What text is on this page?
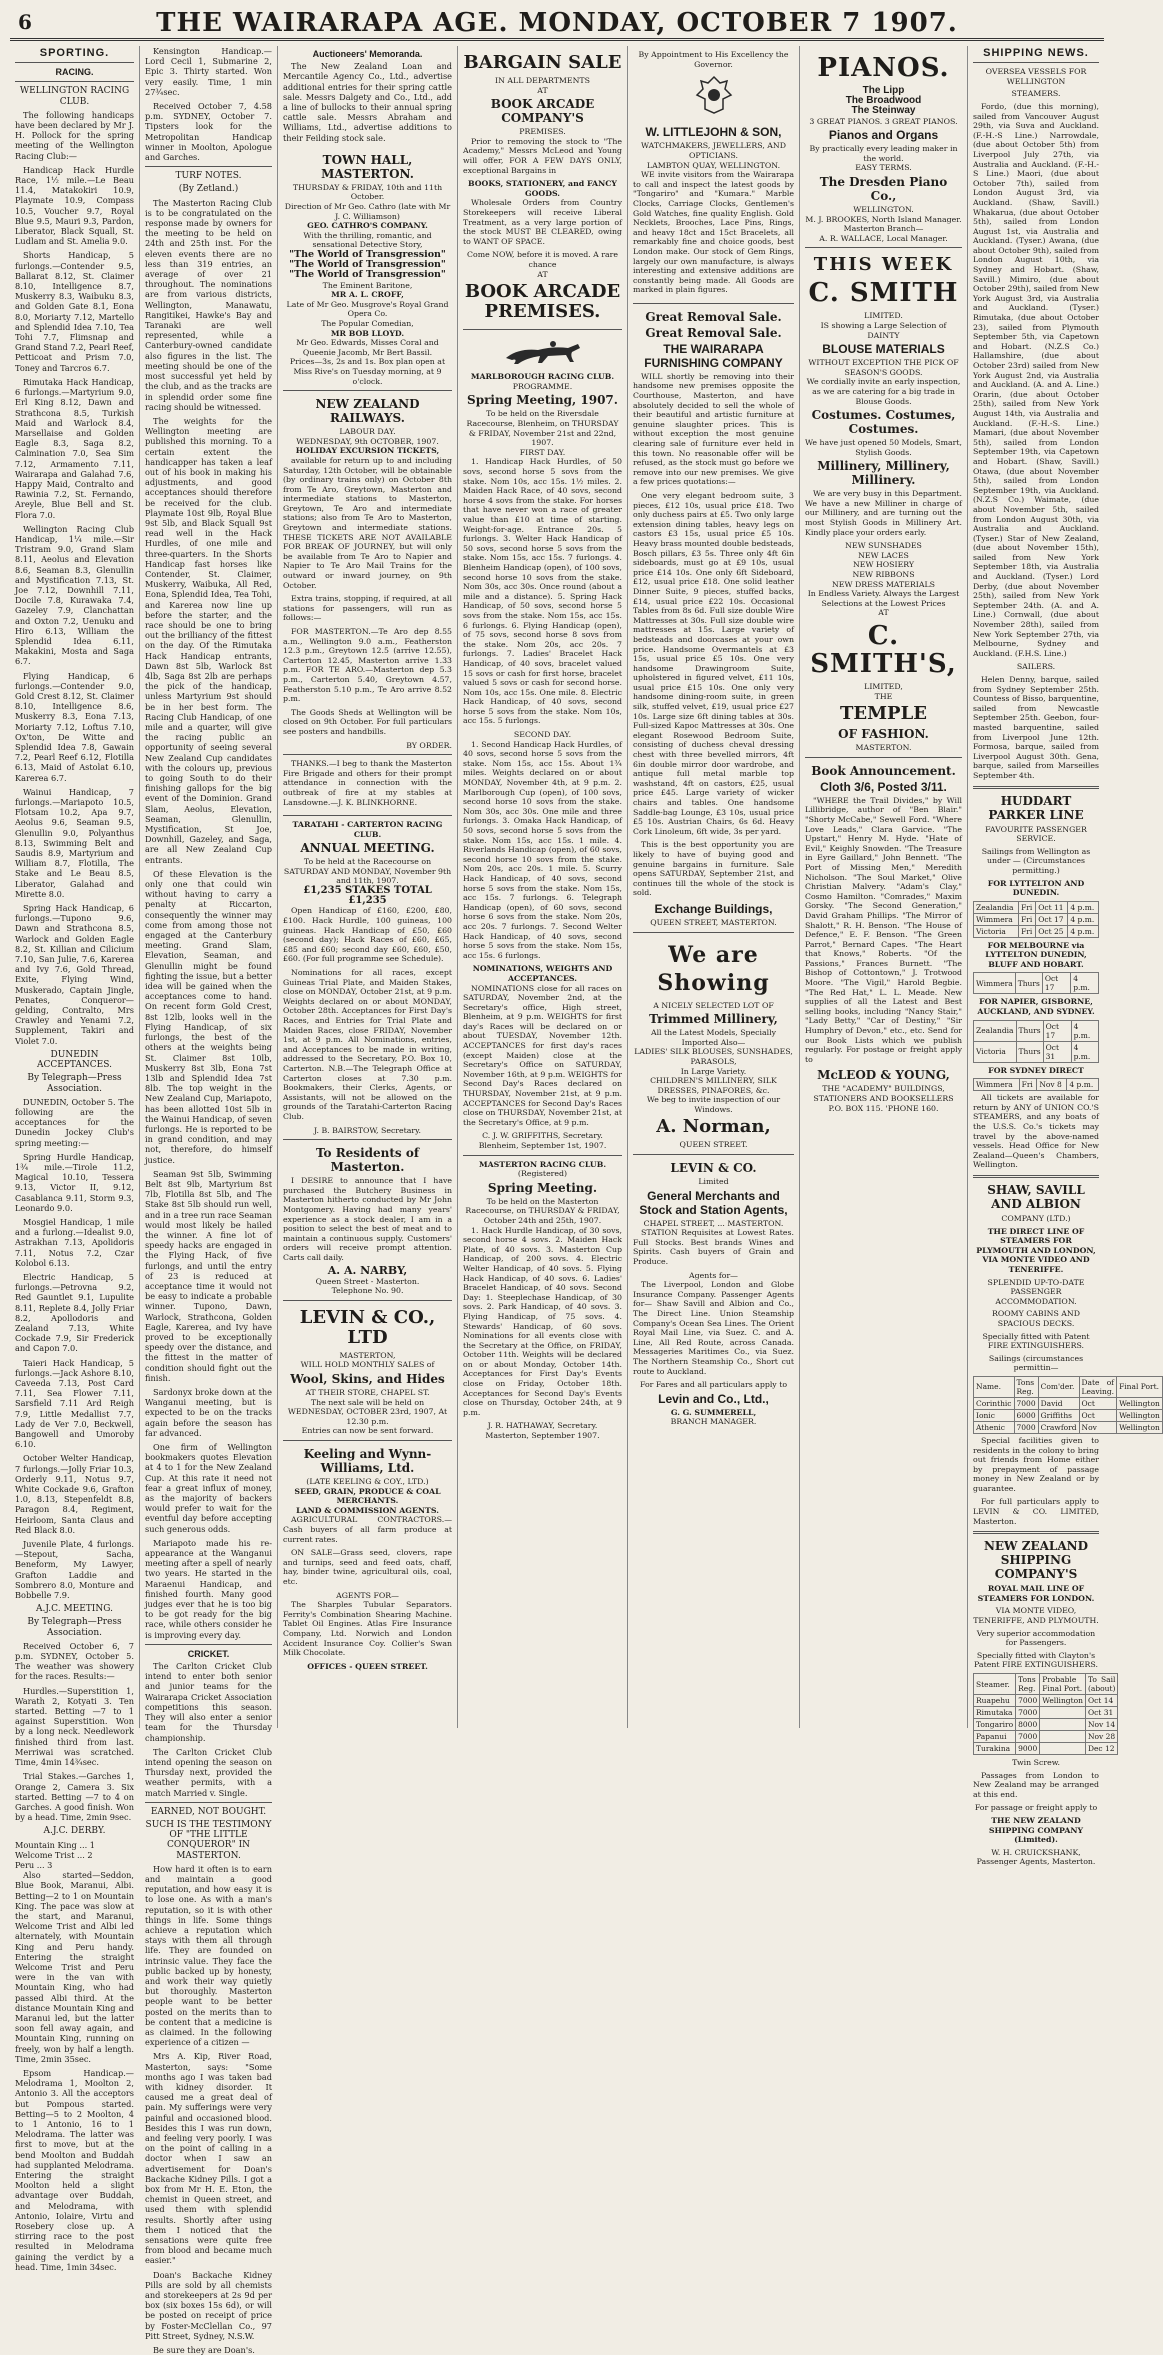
6	THE WAIRARAPA AGE. MONDAY, OCTOBER 7 1907.
SPORTING.
RACING.
WELLINGTON RACING CLUB.

The following handicaps have been declared by Mr J. H. Pollock for the spring meeting of the Wellington Racing Club:—

Handicap Hack Hurdle Race, 1½ mile.—Le Beau 11.4, Matakokiri 10.9, Playmate 10.9, Compass 10.5, Voucher 9.7, Royal Blue 9.5, Mauri 9.3, Pardon, Liberator, Black Squall, St. Ludlam and St. Amelia 9.0.

Shorts Handicap, 5 furlongs.—Contender 9.5, Ballarat 8.12, St. Claimer 8.10, Intelligence 8.7, Muskerry 8.3, Waibuku 8.3, and Golden Gate 8.1, Eona 8.0, Moriarty 7.12, Martello and Splendid Idea 7.10, Tea Tohi 7.7, Flimsnap and Grand Stand 7.2, Pearl Reef, Petticoat and Prism 7.0, Toney and Tarcros 6.7.

Rimutaka Hack Handicap, 6 furlongs.—Martyrium 9.0, Erl King 8.12, Dawn and Strathcona 8.5, Turkish Maid and Warlock 8.4, Marsellaise and Golden Eagle 8.3, Saga 8.2, Calmination 7.0, Sea Sim 7.12, Armamento 7.11, Wairarapa and Galahad 7.6, Happy Maid, Contralto and Rawinia 7.2, St. Fernando, Areyle, Blue Bell and St. Flora 7.0.

Wellington Racing Club Handicap, 1¼ mile.—Sir Tristram 9.0, Grand Slam 8.11, Aeolus and Elevation 8.6, Seaman 8.3, Glenullin and Mystification 7.13, St. Joe 7.12, Downhill 7.11, Docile 7.8, Kurawaka 7.4, Gazeley 7.9, Clanchattan and Oxton 7.2, Uenuku and Hiro 6.13, William the Splendid Idea 6.11, Makakini, Mosta and Saga 6.7.

Flying Handicap, 6 furlongs.—Contender 9.0, Gold Crest 8.12, St. Claimer 8.10, Intelligence 8.6, Muskerry 8.3, Eona 7.13, Moriarty 7.12, Loftus 7.10, Ox'ton, De Witte and Splendid Idea 7.8, Gawain 7.2, Pearl Reef 6.12, Flotilla 6.13, Maid of Astolat 6.10, Karerea 6.7.

Wainui Handicap, 7 furlongs.—Mariapoto 10.5, Flotsam 10.2, Apa 9.7, Aeolus 9.6, Seaman 9.5, Glenullin 9.0, Polyanthus 8.13, Swimming Belt and Saudis 8.9, Martyrium and William 8.7, Flotilla, The Stake and Le Beau 8.5, Liberator, Galahad and Mirette 8.0.

Spring Hack Handicap, 6 furlongs.—Tupono 9.6, Dawn and Strathcona 8.5, Warlock and Golden Eagle 8.2, St. Killian and Cilicium 7.10, San Julie, 7.6, Karerea and Ivy 7.6, Gold Thread, Exite, Flying Wind, Muskerado, Captain Jingle, Penates, Conqueror—gelding, Contralto, Mrs Crawley and Yenami 7.2, Supplement, Takiri and Violet 7.0.

DUNEDIN ACCEPTANCES.
By Telegraph—Press Association.

DUNEDIN, October 5. The following are the acceptances for the Dunedin Jockey Club's spring meeting:—

Spring Hurdle Handicap, 1¾ mile.—Tirole 11.2, Magical 10.10, Tessera 9.13, Victor II, 9.12, Casablanca 9.11, Storm 9.3, Leonardo 9.0.

Mosgiel Handicap, 1 mile and a furlong.—Idealist 9.0, Astrakhan 7.13, Apolidoris 7.11, Notus 7.2, Czar Kolobol 6.13.

Electric Handicap, 5 furlongs.—Petrovna 9.2, Red Gauntlet 9.1, Lupulite 8.11, Replete 8.4, Jolly Friar 8.2, Apollodoris and Zealand 7.13, White Cockade 7.9, Sir Frederick and Capon 7.0.

Taieri Hack Handicap, 5 furlongs.—Jack Ashore 8.10, Caveeda 7.13, Post Card 7.11, Sea Flower 7.11, Sarsfield 7.11 Ard Reigh 7.9, Little Medallist 7.7, Lady de Ver 7.0, Beckwell, Bangowell and Umoroby 6.10.

October Welter Handicap, 7 furlongs.—Jolly Friar 10.3, Orderly 9.11, Notus 9.7, White Cockade 9.6, Grafton 1.0, 8.13, Stepenfeldt 8.8, Paragon 8.4, Regiment, Heirloom, Santa Claus and Red Black 8.0.

Juvenile Plate, 4 furlongs.—Stepout, Sacha, Beneform, My Lawyer, Grafton Laddie and Sombrero 8.0, Monture and Bobbelle 7.9.

A.J.C. MEETING.
By Telegraph—Press Association.

Received October 6, 7 p.m. SYDNEY, October 5. The weather was showery for the races. Results:—

Hurdles.—Superstition 1, Warath 2, Kotyati 3. Ten started. Betting —7 to 1 against Superstition. Won by a long neck. Needlework finished third from last. Merriwai was scratched. Time, 4min 14¾sec.

Trial Stakes.—Garches 1, Orange 2, Camera 3. Six started. Betting —7 to 4 on Garches. A good finish. Won by a head. Time, 2min 9sec.

A.J.C. DERBY.
Mountain King ... 1
Welcome Trist ... 2
Peru ... 3

Also started—Seddon, Blue Book, Maranui, Albi. Betting—2 to 1 on Mountain King. The pace was slow at the start, and Maranui, Welcome Trist and Albi led alternately, with Mountain King and Peru handy. Entering the straight Welcome Trist and Peru were in the van with Mountain King, who had passed Albi third. At the distance Mountain King and Maranui led, but the latter soon fell away again, and Mountain King, running on freely, won by half a length. Time, 2min 35sec.

Epsom Handicap.—Melodrama 1, Moolton 2, Antonio 3. All the acceptors but Pompous started. Betting—5 to 2 Moolton, 4 to 1 Antonio, 16 to 1 Melodrama. The latter was first to move, but at the bend Moolton and Buddah had supplanted Melodrama. Entering the straight Moolton held a slight advantage over Buddah, and Melodrama, with Antonio, Iolaire, Virtu and Rosebery close up. A stirring race to the post resulted in Melodrama gaining the verdict by a head. Time, 1min 34sec.

Kensington Handicap.—Lord Cecil 1, Submarine 2, Epic 3. Thirty started. Won very easily. Time, 1 min 27¾sec.

Received October 7, 4.58 p.m. SYDNEY, October 7. Tipsters look for the Metropolitan Handicap winner in Moolton, Apologue and Garches.

TURF NOTES.
(By Zetland.)

The Masterton Racing Club is to be congratulated on the response made by owners for the meeting to be held on 24th and 25th inst. For the eleven events there are no less than 319 entries, an average of over 21 throughout. The nominations are from various districts, Wellington, Manawatu, Rangitikei, Hawke's Bay and Taranaki are well represented, while a Canterbury-owned candidate also figures in the list. The meeting should be one of the most successful yet held by the club, and as the tracks are in splendid order some fine racing should be witnessed.

The weights for the Wellington meeting are published this morning. To a certain extent the handicapper has taken a leaf out of his book in making his adjustments, and good acceptances should therefore be received for the club. Playmate 10st 9lb, Royal Blue 9st 5lb, and Black Squall 9st read well in the Hack Hurdles, of one mile and three-quarters. In the Shorts Handicap fast horses like Contender, St. Claimer, Muskerry, Waibuka, All Red, Eona, Splendid Idea, Tea Tohi, and Karerea now line up before the starter, and the race should be one to bring out the brilliancy of the fittest on the day. Of the Rimutaka Hack Handicap entrants, Dawn 8st 5lb, Warlock 8st 4lb, Saga 8st 2lb are perhaps the pick of the handicap, unless Martyrium 9st should be in her best form. The Racing Club Handicap, of one mile and a quarter, will give the racing public an opportunity of seeing several New Zealand Cup candidates with the colours up, previous to going South to do their finishing gallops for the big event of the Dominion. Grand Slam, Aeolus, Elevation, Seaman, Glenullin, Mystification, St Joe, Downhill, Gazeley, and Saga, are all New Zealand Cup entrants.

Of these Elevation is the only one that could win without having to carry a penalty at Riccarton, consequently the winner may come from among those not engaged at the Canterbury meeting. Grand Slam, Elevation, Seaman, and Glenullin might be found fighting the issue, but a better idea will be gained when the acceptances come to hand. On recent form Gold Crest, 8st 12lb, looks well in the Flying Handicap, of six furlongs, the best of the others at the weights being St. Claimer 8st 10lb, Muskerry 8st 3lb, Eona 7st 13lb and Splendid Idea 7st 8lb. The top weight in the New Zealand Cup, Mariapoto, has been allotted 10st 5lb in the Wainui Handicap, of seven furlongs. He is reported to be in grand condition, and may not, therefore, do himself justice.

Seaman 9st 5lb, Swimming Belt 8st 9lb, Martyrium 8st 7lb, Flotilla 8st 5lb, and The Stake 8st 5lb should run well, and in a tree run race Seaman would most likely be hailed the winner. A fine lot of speedy hacks are engaged in the Flying Hack, of five furlongs, and until the entry of 23 is reduced at acceptance time it would not be easy to indicate a probable winner. Tupono, Dawn, Warlock, Strathcona, Golden Eagle, Karerea, and Ivy have proved to be exceptionally speedy over the distance, and the fittest in the matter of condition should fight out the finish.

Sardonyx broke down at the Wanganui meeting, but is expected to be on the tracks again before the season has far advanced.

One firm of Wellington bookmakers quotes Elevation at 4 to 1 for the New Zealand Cup. At this rate it need not fear a great influx of money, as the majority of backers would prefer to wait for the eventful day before accepting such generous odds.

Mariapoto made his re-appearance at the Wanganui meeting after a spell of nearly two years. He started in the Maraenui Handicap, and finished fourth. Many good judges ever that he is too big to be got ready for the big race, while others consider he is improving every day.

CRICKET.

The Carlton Cricket Club intend to enter both senior and junior teams for the Wairarapa Cricket Association competitions this season. They will also enter a senior team for the Thursday championship.

The Carlton Cricket Club intend opening the season on Thursday next, provided the weather permits, with a match Married v. Single.

EARNED, NOT BOUGHT.
SUCH IS THE TESTIMONY OF "THE LITTLE CONQUEROR" IN MASTERTON.

How hard it often is to earn and maintain a good reputation, and how easy it is to lose one. As with a man's reputation, so it is with other things in life. Some things achieve a reputation which stays with them all through life. They are founded on intrinsic value. They face the public backed up by honesty, and work their way quietly but thoroughly. Masterton people want to be better posted on the merits than to be content that a medicine is as claimed. In the following experience of a citizen —

Mrs A. Kip, River Road, Masterton, says: "Some months ago I was taken bad with kidney disorder. It caused me a great deal of pain. My sufferings were very painful and occasioned blood. Besides this I was run down, and feeling very poorly. I was on the point of calling in a doctor when I saw an advertisement for Doan's Backache Kidney Pills. I got a box from Mr H. E. Eton, the chemist in Queen street, and used them with splendid results. Shortly after using them I noticed that the sensations were quite free from blood and became much easier."

Doan's Backache Kidney Pills are sold by all chemists and storekeepers at 2s 9d per box (six boxes 15s 6d), or will be posted on receipt of price by Foster-McClellan Co., 97 Pitt Street, Sydney, N.S.W.

Be sure they are Doan's.

Auctioneers' Memoranda.

The New Zealand Loan and Mercantile Agency Co., Ltd., advertise additional entries for their spring cattle sale. Messrs Dalgety and Co., Ltd., add a line of bullocks to their annual spring cattle sale. Messrs Abraham and Williams, Ltd., advertise additions to their Feilding stock sale.

TOWN HALL, MASTERTON.
THURSDAY & FRIDAY, 10th and 11th October.
Direction of Mr Geo. Cathro (late with Mr J. C. Williamson)
GEO. CATHRO'S COMPANY.
With the thrilling, romantic, and sensational Detective Story,
"The World of Transgression"
"The World of Transgression"
"The World of Transgression"
The Eminent Baritone,
MR A. L. CROFF,
Late of Mr Geo. Musgrove's Royal Grand Opera Co.
The Popular Comedian,
MR BOB LLOYD.
Mr Geo. Edwards, Misses Coral and Queenie Jacomb, Mr Bert Bassil.
Prices—3s, 2s and 1s. Box plan open at Miss Rive's on Tuesday morning, at 9 o'clock.
NEW ZEALAND RAILWAYS.
LABOUR DAY.
WEDNESDAY, 9th OCTOBER, 1907.
HOLIDAY EXCURSION TICKETS,

available for return up to and including Saturday, 12th October, will be obtainable (by ordinary trains only) on October 8th from Te Aro, Greytown, Masterton and intermediate stations to Masterton, Greytown, Te Aro and intermediate stations; also from Te Aro to Masterton, Greytown and intermediate stations. THESE TICKETS ARE NOT AVAILABLE FOR BREAK OF JOURNEY, but will only be available from Te Aro to Napier and Napier to Te Aro Mail Trains for the outward or inward journey, on 9th October.

Extra trains, stopping, if required, at all stations for passengers, will run as follows:—

FOR MASTERTON.—Te Aro dep 8.55 a.m., Wellington 9.0 a.m., Featherston 12.3 p.m., Greytown 12.5 (arrive 12.55), Carterton 12.45, Masterton arrive 1.33 p.m. FOR TE ARO.—Masterton dep 5.3 p.m., Carterton 5.40, Greytown 4.57, Featherston 5.10 p.m., Te Aro arrive 8.52 p.m.

The Goods Sheds at Wellington will be closed on 9th October. For full particulars see posters and handbills.

BY ORDER.

THANKS.—I beg to thank the Masterton Fire Brigade and others for their prompt attendance in connection with the outbreak of fire at my stables at Lansdowne.—J. K. BLINKHORNE.

TARATAHI - CARTERTON RACING CLUB.
ANNUAL MEETING.
To be held at the Racecourse on SATURDAY AND MONDAY, November 9th and 11th, 1907.
£1,235 STAKES TOTAL £1,235

Open Handicap of £160, £200, £80, £100. Hack Hurdle, 100 guineas, 100 guineas. Hack Handicap of £50, £60 (second day); Hack Races of £60, £65, £85 and £60; second day £60, £60, £50, £60. (For full programme see Schedule).

Nominations for all races, except Guineas Trial Plate, and Maiden Stakes, close on MONDAY, October 21st, at 9 p.m. Weights declared on or about MONDAY, October 28th. Acceptances for First Day's Races, and Entries for Trial Plate and Maiden Races, close FRIDAY, November 1st, at 9 p.m. All Nominations, entries, and Acceptances to be made in writing, addressed to the Secretary, P.O. Box 10, Carterton. N.B.—The Telegraph Office at Carterton closes at 7.30 p.m. Bookmakers, their Clerks, Agents, or Assistants, will not be allowed on the grounds of the Taratahi-Carterton Racing Club.

J. B. BAIRSTOW, Secretary.
To Residents of Masterton.

I DESIRE to announce that I have purchased the Butchery Business in Masterton hitherto conducted by Mr John Montgomery. Having had many years' experience as a stock dealer, I am in a position to select the best of meat and to maintain a continuous supply. Customers' orders will receive prompt attention. Carts call daily.

A. A. NARBY,
Queen Street - Masterton.
Telephone No. 90.
LEVIN & CO., LTD
MASTERTON,
WILL HOLD MONTHLY SALES of
Wool, Skins, and Hides
AT THEIR STORE, CHAPEL ST.
The next sale will be held on WEDNESDAY, OCTOBER 23rd, 1907, At 12.30 p.m.
Entries can now be sent forward.
Keeling and Wynn-Williams, Ltd.
(LATE KEELING & COY., LTD.)
SEED, GRAIN, PRODUCE & COAL MERCHANTS.
LAND & COMMISSION AGENTS.

AGRICULTURAL CONTRACTORS.—Cash buyers of all farm produce at current rates.

ON SALE—Grass seed, clovers, rape and turnips, seed and feed oats, chaff, hay, binder twine, agricultural oils, coal, etc.

AGENTS FOR—

The Sharples Tubular Separators. Ferrity's Combination Shearing Machine. Tablet Oil Engines. Atlas Fire Insurance Company, Ltd. Norwich and London Accident Insurance Coy. Collier's Swan Milk Chocolate.

OFFICES - QUEEN STREET.
BARGAIN SALE
IN ALL DEPARTMENTS
AT
BOOK ARCADE COMPANY'S
PREMISES.

Prior to removing the stock to "The Academy," Messrs McLeod and Young will offer, FOR A FEW DAYS ONLY, exceptional Bargains in

BOOKS, STATIONERY, and FANCY GOODS.

Wholesale Orders from Country Storekeepers will receive Liberal Treatment, as a very large portion of the stock MUST BE CLEARED, owing to WANT OF SPACE.

Come NOW, before it is moved. A rare chance
AT
BOOK ARCADE PREMISES.
MARLBOROUGH RACING CLUB.
PROGRAMME.
Spring Meeting, 1907.
To be held on the Riversdale Racecourse, Blenheim, on THURSDAY & FRIDAY, November 21st and 22nd, 1907.
FIRST DAY.

1. Handicap Hack Hurdles, of 50 sovs, second horse 5 sovs from the stake. Nom 10s, acc 15s. 1½ miles. 2. Maiden Hack Race, of 40 sovs, second horse 4 sovs from the stake. For horses that have never won a race of greater value than £10 at time of starting. Weight-for-age. Entrance 20s. 5 furlongs. 3. Welter Hack Handicap of 50 sovs, second horse 5 sovs from the stake. Nom 15s, acc 15s. 7 furlongs. 4. Blenheim Handicap (open), of 100 sovs, second horse 10 sovs from the stake. Nom 30s, acc 30s. Once round (about a mile and a distance). 5. Spring Hack Handicap, of 50 sovs, second horse 5 sovs from the stake. Nom 15s, acc 15s. 6 furlongs. 6. Flying Handicap (open), of 75 sovs, second horse 8 sovs from the stake. Nom 20s, acc 20s. 7 furlongs. 7. Ladies' Bracelet Hack Handicap, of 40 sovs, bracelet valued 15 sovs or cash for first horse, bracelet valued 5 sovs or cash for second horse. Nom 10s, acc 15s. One mile. 8. Electric Hack Handicap, of 40 sovs, second horse 5 sovs from the stake. Nom 10s, acc 15s. 5 furlongs.

SECOND DAY.

1. Second Handicap Hack Hurdles, of 40 sovs, second horse 5 sovs from the stake. Nom 15s, acc 15s. About 1¾ miles. Weights declared on or about MONDAY, November 4th, at 9 p.m. 2. Marlborough Cup (open), of 100 sovs, second horse 10 sovs from the stake. Nom 30s, acc 30s. One mile and three furlongs. 3. Omaka Hack Handicap, of 50 sovs, second horse 5 sovs from the stake. Nom 15s, acc 15s. 1 mile. 4. Riverlands Handicap (open), of 60 sovs, second horse 10 sovs from the stake. Nom 20s, acc 20s. 1 mile. 5. Scurry Hack Handicap, of 40 sovs, second horse 5 sovs from the stake. Nom 15s, acc 15s. 7 furlongs. 6. Telegraph Handicap (open), of 60 sovs, second horse 6 sovs from the stake. Nom 20s, acc 20s. 7 furlongs. 7. Second Welter Hack Handicap, of 40 sovs, second horse 5 sovs from the stake. Nom 15s, acc 15s. 6 furlongs.

NOMINATIONS, WEIGHTS AND ACCEPTANCES.

NOMINATIONS close for all races on SATURDAY, November 2nd, at the Secretary's office, High street, Blenheim, at 9 p.m. WEIGHTS for first day's Races will be declared on or about TUESDAY, November 12th. ACCEPTANCES for first day's races (except Maiden) close at the Secretary's Office on SATURDAY, November 16th, at 9 p.m. WEIGHTS for Second Day's Races declared on THURSDAY, November 21st, at 9 p.m. ACCEPTANCES for Second Day's Races close on THURSDAY, November 21st, at the Secretary's Office, at 9 p.m.

C. J. W. GRIFFITHS, Secretary.
Blenheim, September 1st, 1907.
MASTERTON RACING CLUB.
(Registered)
Spring Meeting.
To be held on the Masterton Racecourse, on THURSDAY & FRIDAY, October 24th and 25th, 1907.

1. Hack Hurdle Handicap, of 30 sovs, second horse 4 sovs. 2. Maiden Hack Plate, of 40 sovs. 3. Masterton Cup Handicap, of 200 sovs. 4. Electric Welter Handicap, of 40 sovs. 5. Flying Hack Handicap, of 40 sovs. 6. Ladies' Bracelet Handicap, of 40 sovs. Second Day: 1. Steeplechase Handicap, of 30 sovs. 2. Park Handicap, of 40 sovs. 3. Flying Handicap, of 75 sovs. 4. Stewards' Handicap, of 60 sovs. Nominations for all events close with the Secretary at the Office, on FRIDAY, October 11th. Weights will be declared on or about Monday, October 14th. Acceptances for First Day's Events close on Friday, October 18th. Acceptances for Second Day's Events close on Thursday, October 24th, at 9 p.m.

J. R. HATHAWAY, Secretary.
Masterton, September 1907.
By Appointment to His Excellency the Governor.
W. LITTLEJOHN & SON,
WATCHMAKERS, JEWELLERS, AND OPTICIANS.
LAMBTON QUAY, WELLINGTON.

WE invite visitors from the Wairarapa to call and inspect the latest goods by "Tongariro" and "Kumara." Marble Clocks, Carriage Clocks, Gentlemen's Gold Watches, fine quality English. Gold Necklets, Brooches, Lace Pins, Rings, and heavy 18ct and 15ct Bracelets, all remarkably fine and choice goods, best London make. Our stock of Gem Rings, largely our own manufacture, is always interesting and extensive additions are constantly being made. All Goods are marked in plain figures.

Great Removal Sale.
Great Removal Sale.
THE WAIRARAPA FURNISHING COMPANY

WILL shortly be removing into their handsome new premises opposite the Courthouse, Masterton, and have absolutely decided to sell the whole of their beautiful and artistic furniture at genuine slaughter prices. This is without exception the most genuine clearing sale of furniture ever held in this town. No reasonable offer will be refused, as the stock must go before we remove into our new premises. We give a few prices quotations:—

One very elegant bedroom suite, 3 pieces, £12 10s, usual price £18. Two only duchess pairs at £5. Two only large extension dining tables, heavy legs on castors £3 15s, usual price £5 10s. Heavy brass mounted double bedsteads, Bosch pillars, £3 5s. Three only 4ft 6in sideboards, must go at £9 10s, usual price £14 10s. One only 6ft Sideboard, £12, usual price £18. One solid leather Dinner Suite, 9 pieces, stuffed backs, £14, usual price £22 10s. Occasional Tables from 8s 6d. Full size double Wire Mattresses at 30s. Full size double wire mattresses at 15s. Large variety of bedsteads and doorcases at your own price. Handsome Overmantels at £3 15s, usual price £5 10s. One very handsome Drawingroom Suite, upholstered in figured velvet, £11 10s, usual price £15 10s. One only very handsome dining-room suite, in green silk, stuffed velvet, £19, usual price £27 10s. Large size 6ft dining tables at 30s. Full-sized Kapoc Mattresses at 30s. One elegant Rosewood Bedroom Suite, consisting of duchess cheval dressing chest with three bevelled mirrors, 4ft 6in double mirror door wardrobe, and antique full metal marble top washstand, 4ft on castors, £25, usual price £45. Large variety of wicker chairs and tables. One handsome Saddle-bag Lounge, £3 10s, usual price £5 10s. Austrian Chairs, 6s 6d. Heavy Cork Linoleum, 6ft wide, 3s per yard.

This is the best opportunity you are likely to have of buying good and genuine bargains in furniture. Sale opens SATURDAY, September 21st, and continues till the whole of the stock is sold.

Exchange Buildings,
QUEEN STREET, MASTERTON.
We are Showing
A NICELY SELECTED LOT OF
Trimmed Millinery,
All the Latest Models, Specially Imported Also—
LADIES' SILK BLOUSES, SUNSHADES, PARASOLS,
In Large Variety.
CHILDREN'S MILLINERY, SILK DRESSES, PINAFORES, &c.
We beg to invite inspection of our Windows.
A. Norman,
QUEEN STREET.
LEVIN & CO.
Limited
General Merchants and Stock and Station Agents,
CHAPEL STREET, ... MASTERTON.

STATION Requisites at Lowest Rates. Full Stocks. Best brands Wines and Spirits. Cash buyers of Grain and Produce.

Agents for—

The Liverpool, London and Globe Insurance Company. Passenger Agents for— Shaw Savill and Albion and Co., The Direct Line. Union Steamship Company's Ocean Sea Lines. The Orient Royal Mail Line, via Suez. C. and A. Line, All Red Route, across Canada. Messageries Maritimes Co., via Suez. The Northern Steamship Co., Short cut route to Auckland.

For Fares and all particulars apply to
Levin and Co., Ltd.,
G. G. SUMMERELL,
BRANCH MANAGER.
PIANOS.
The Lipp
The Broadwood
The Steinway
3 GREAT PIANOS. 3 GREAT PIANOS.
Pianos and Organs
By practically every leading maker in the world.
EASY TERMS.
The Dresden Piano Co.,
WELLINGTON.
M. J. BROOKES, North Island Manager.
Masterton Branch—
A. R. WALLACE, Local Manager.
THIS WEEK
C. SMITH
LIMITED.
IS showing a Large Selection of
DAINTY
BLOUSE MATERIALS
WITHOUT EXCEPTION THE PICK OF SEASON'S GOODS.
We cordially invite an early inspection, as we are catering for a big trade in Blouse Goods.
Costumes. Costumes, Costumes.
We have just opened 50 Models, Smart, Stylish Goods.
Millinery, Millinery, Millinery.

We are very busy in this Department. We have a new Milliner in charge of our Millinery, and are turning out the most Stylish Goods in Millinery Art. Kindly place your orders early.

NEW SUNSHADES
NEW LACES
NEW HOSIERY
NEW RIBBONS
NEW DRESS MATERIALS
In Endless Variety. Always the Largest Selections at the Lowest Prices
AT
C. SMITH'S,
LIMITED,
THE
TEMPLE
OF FASHION.
MASTERTON.
Book Announcement.
Cloth 3/6, Posted 3/11.

"WHERE the Trail Divides," by Will Lillibridge, author of "Ben Blair." "Shorty McCabe," Sewell Ford. "Where Love Leads," Clara Garvice. "The Upstart," Henry M. Hyde. "Hate of Evil," Keighly Snowden. "The Treasure in Eyre Gaillard," John Bennett. "The Port of Missing Men," Meredith Nicholson. "The Soul Market," Olive Christian Malvery. "Adam's Clay," Cosmo Hamilton. "Comrades," Maxim Gorsky. "The Second Generation," David Graham Phillips. "The Mirror of Shalott," R. H. Benson. "The House of Defence," E. F. Benson. "The Green Parrot," Bernard Capes. "The Heart that Knows," Roberts. "Of the Passions," Frances Burnett. "The Bishop of Cottontown," J. Trotwood Moore. "The Vigil," Harold Begbie. "The Red Hat," L. L. Meade. New supplies of all the Latest and Best selling books, including "Nancy Stair," "Lady Betty," "Car of Destiny," "Sir Humphry of Devon," etc., etc. Send for our Book Lists which we publish regularly. For postage or freight apply to

McLEOD & YOUNG,
THE "ACADEMY" BUILDINGS,
STATIONERS AND BOOKSELLERS
P.O. BOX 115. 'PHONE 160.
SHIPPING NEWS.
OVERSEA VESSELS FOR WELLINGTON
STEAMERS.

Fordo, (due this morning), sailed from Vancouver August 29th, via Suva and Auckland. (F.-H.-S Line.) Narrowdale, (due about October 5th) from Liverpool July 27th, via Australia and Auckland. (F.-H.-S Line.) Maori, (due about October 7th), sailed from London August 3rd, via Auckland. (Shaw, Savill.) Whakarua, (due about October 5th), sailed from London August 1st, via Australia and Auckland. (Tyser.) Awana, (due about October 9th), sailed from London August 10th, via Sydney and Hobart. (Shaw, Savill.) Mimiro, (due about October 29th), sailed from New York August 3rd, via Australia and Auckland. (Tyser.) Rimutaka, (due about October 23), sailed from Plymouth September 5th, via Capetown and Hobart. (N.Z.S Co.) Hallamshire, (due about October 23rd) sailed from New York August 2nd, via Australia and Auckland. (A. and A. Line.) Orarin, (due about October 25th), sailed from New York August 14th, via Australia and Auckland. (F.-H.-S. Line.) Mamari, (due about November 5th), sailed from London September 19th, via Capetown and Hobart. (Shaw, Savill.) Otawa, (due about November 5th), sailed from London September 19th, via Auckland. (N.Z.S Co.) Waimate, (due about November 5th, sailed from London August 30th, via Australia and Auckland. (Tyser.) Star of New Zealand, (due about November 15th), sailed from New York September 18th, via Australia and Auckland. (Tyser.) Lord Derby, (due about November 25th), sailed from New York September 24th. (A. and A. Line.) Cornwall, (due about November 28th), sailed from New York September 27th, via Melbourne, Sydney and Auckland. (F.H.S. Line.)

SAILERS.

Helen Denny, barque, sailed from Sydney September 25th. Countess of Bisso, barquentine, sailed from Newcastle September 25th. Geebon, four-masted barquentine, sailed from Liverpool June 12th. Formosa, barque, sailed from Liverpool August 30th. Gena, barque, sailed from Marseilles September 4th.

HUDDART PARKER LINE
FAVOURITE PASSENGER SERVICE.
Sailings from Wellington as under — (Circumstances permitting.)
FOR LYTTELTON AND DUNEDIN.
Zealandia	Fri	Oct 11	4 p.m.
Wimmera	Fri	Oct 17	4 p.m.
Victoria	Fri	Oct 25	4 p.m.
FOR MELBOURNE via LYTTELTON DUNEDIN, BLUFF AND HOBART.
Wimmera	Thurs	Oct 17	4 p.m.
FOR NAPIER, GISBORNE, AUCKLAND, AND SYDNEY.
Zealandia	Thurs	Oct 17	4 p.m.
Victoria	Thurs	Oct 31	4 p.m.
FOR SYDNEY DIRECT
Wimmera	Fri	Nov 8	4 p.m.

All tickets are available for return by ANY of UNION CO.'S STEAMERS, and any boats of the U.S.S. Co.'s tickets may travel by the above-named vessels. Head Office for New Zealand—Queen's Chambers, Wellington.

SHAW, SAVILL AND ALBION
COMPANY (LTD.)
THE DIRECT LINE OF STEAMERS FOR PLYMOUTH AND LONDON, VIA MONTE VIDEO AND TENERIFFE.
SPLENDID UP-TO-DATE PASSENGER ACCOMMODATION.
ROOMY CABINS AND SPACIOUS DECKS.
Specially fitted with Patent FIRE EXTINGUISHERS.
Sailings (circumstances permittin—
Name.	Tons Reg.	Com'der.	Date of Leaving.	Final Port.
Corinthic	7000	David	Oct	Wellington
Ionic	6000	Griffiths	Oct	Wellington
Athenic	7000	Crawford	Nov	Wellington

Special facilities given to residents in the colony to bring out friends from Home either by prepayment of passage money in New Zealand or by guarantee.

For full particulars apply to LEVIN & CO. LIMITED, Masterton.

NEW ZEALAND SHIPPING COMPANY'S
ROYAL MAIL LINE OF STEAMERS FOR LONDON.
VIA MONTE VIDEO, TENERIFFE, AND PLYMOUTH.
Very superior accommodation for Passengers.
Specially fitted with Clayton's Patent FIRE EXTINGUISHERS.
Steamer.	Tons Reg.	Probable Final Port.	To Sail (about)
Ruapehu	7000	Wellington	Oct 14
Rimutaka	7000		Oct 31
Tongariro	8000		Nov 14
Papanui	7000		Nov 28
Turakina	9000		Dec 12
Twin Screw.

Passages from London to New Zealand may be arranged at this end.

For passage or freight apply to
THE NEW ZEALAND SHIPPING COMPANY (Limited).
W. H. CRUICKSHANK, Passenger Agents, Masterton.
